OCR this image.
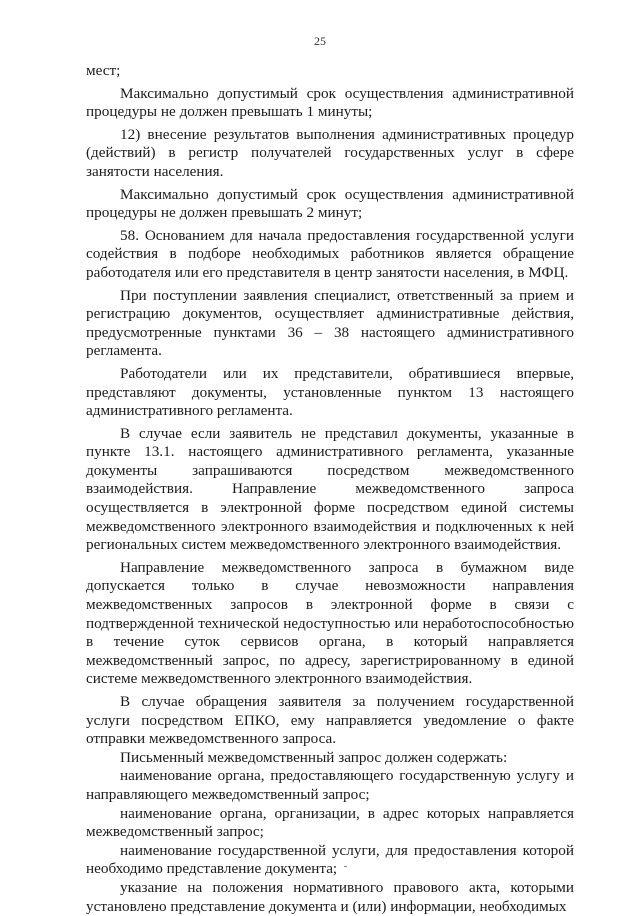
25

мест;

Максимально допустимый срок осуществления административной процедуры не должен превышать 1 минуты;

12) внесение результатов выполнения административных процедур (действий) в регистр получателей государственных услуг в сфере занятости населения.

Максимально допустимый срок осуществления административной процедуры не должен превышать 2 минут;

58. Основанием для начала предоставления государственной услуги содействия в подборе необходимых работников является обращение работодателя или его представителя в центр занятости населения, в МФЦ.

При поступлении заявления специалист, ответственный за прием и регистрацию документов, осуществляет административные действия, предусмотренные пунктами 36 – 38 настоящего административного регламента.

Работодатели или их представители, обратившиеся впервые, представляют документы, установленные пунктом 13 настоящего административного регламента.

В случае если заявитель не представил документы, указанные в пункте 13.1. настоящего административного регламента, указанные документы запрашиваются посредством межведомственного взаимодействия. Направление межведомственного запроса осуществляется в электронной форме посредством единой системы межведомственного электронного взаимодействия и подключенных к ней региональных систем межведомственного электронного взаимодействия.

Направление межведомственного запроса в бумажном виде допускается только в случае невозможности направления межведомственных запросов в электронной форме в связи с подтвержденной технической недоступностью или неработоспособностью в течение суток сервисов органа, в который направляется межведомственный запрос, по адресу, зарегистрированному в единой системе межведомственного электронного взаимодействия.

В случае обращения заявителя за получением государственной услуги посредством ЕПКО, ему направляется уведомление о факте отправки межведомственного запроса.

Письменный межведомственный запрос должен содержать:

наименование органа, предоставляющего государственную услугу и направляющего межведомственный запрос;

наименование органа, организации, в адрес которых направляется межведомственный запрос;

наименование государственной услуги, для предоставления которой необходимо представление документа;

указание на положения нормативного правового акта, которыми установлено представление документа и (или) информации, необходимых
